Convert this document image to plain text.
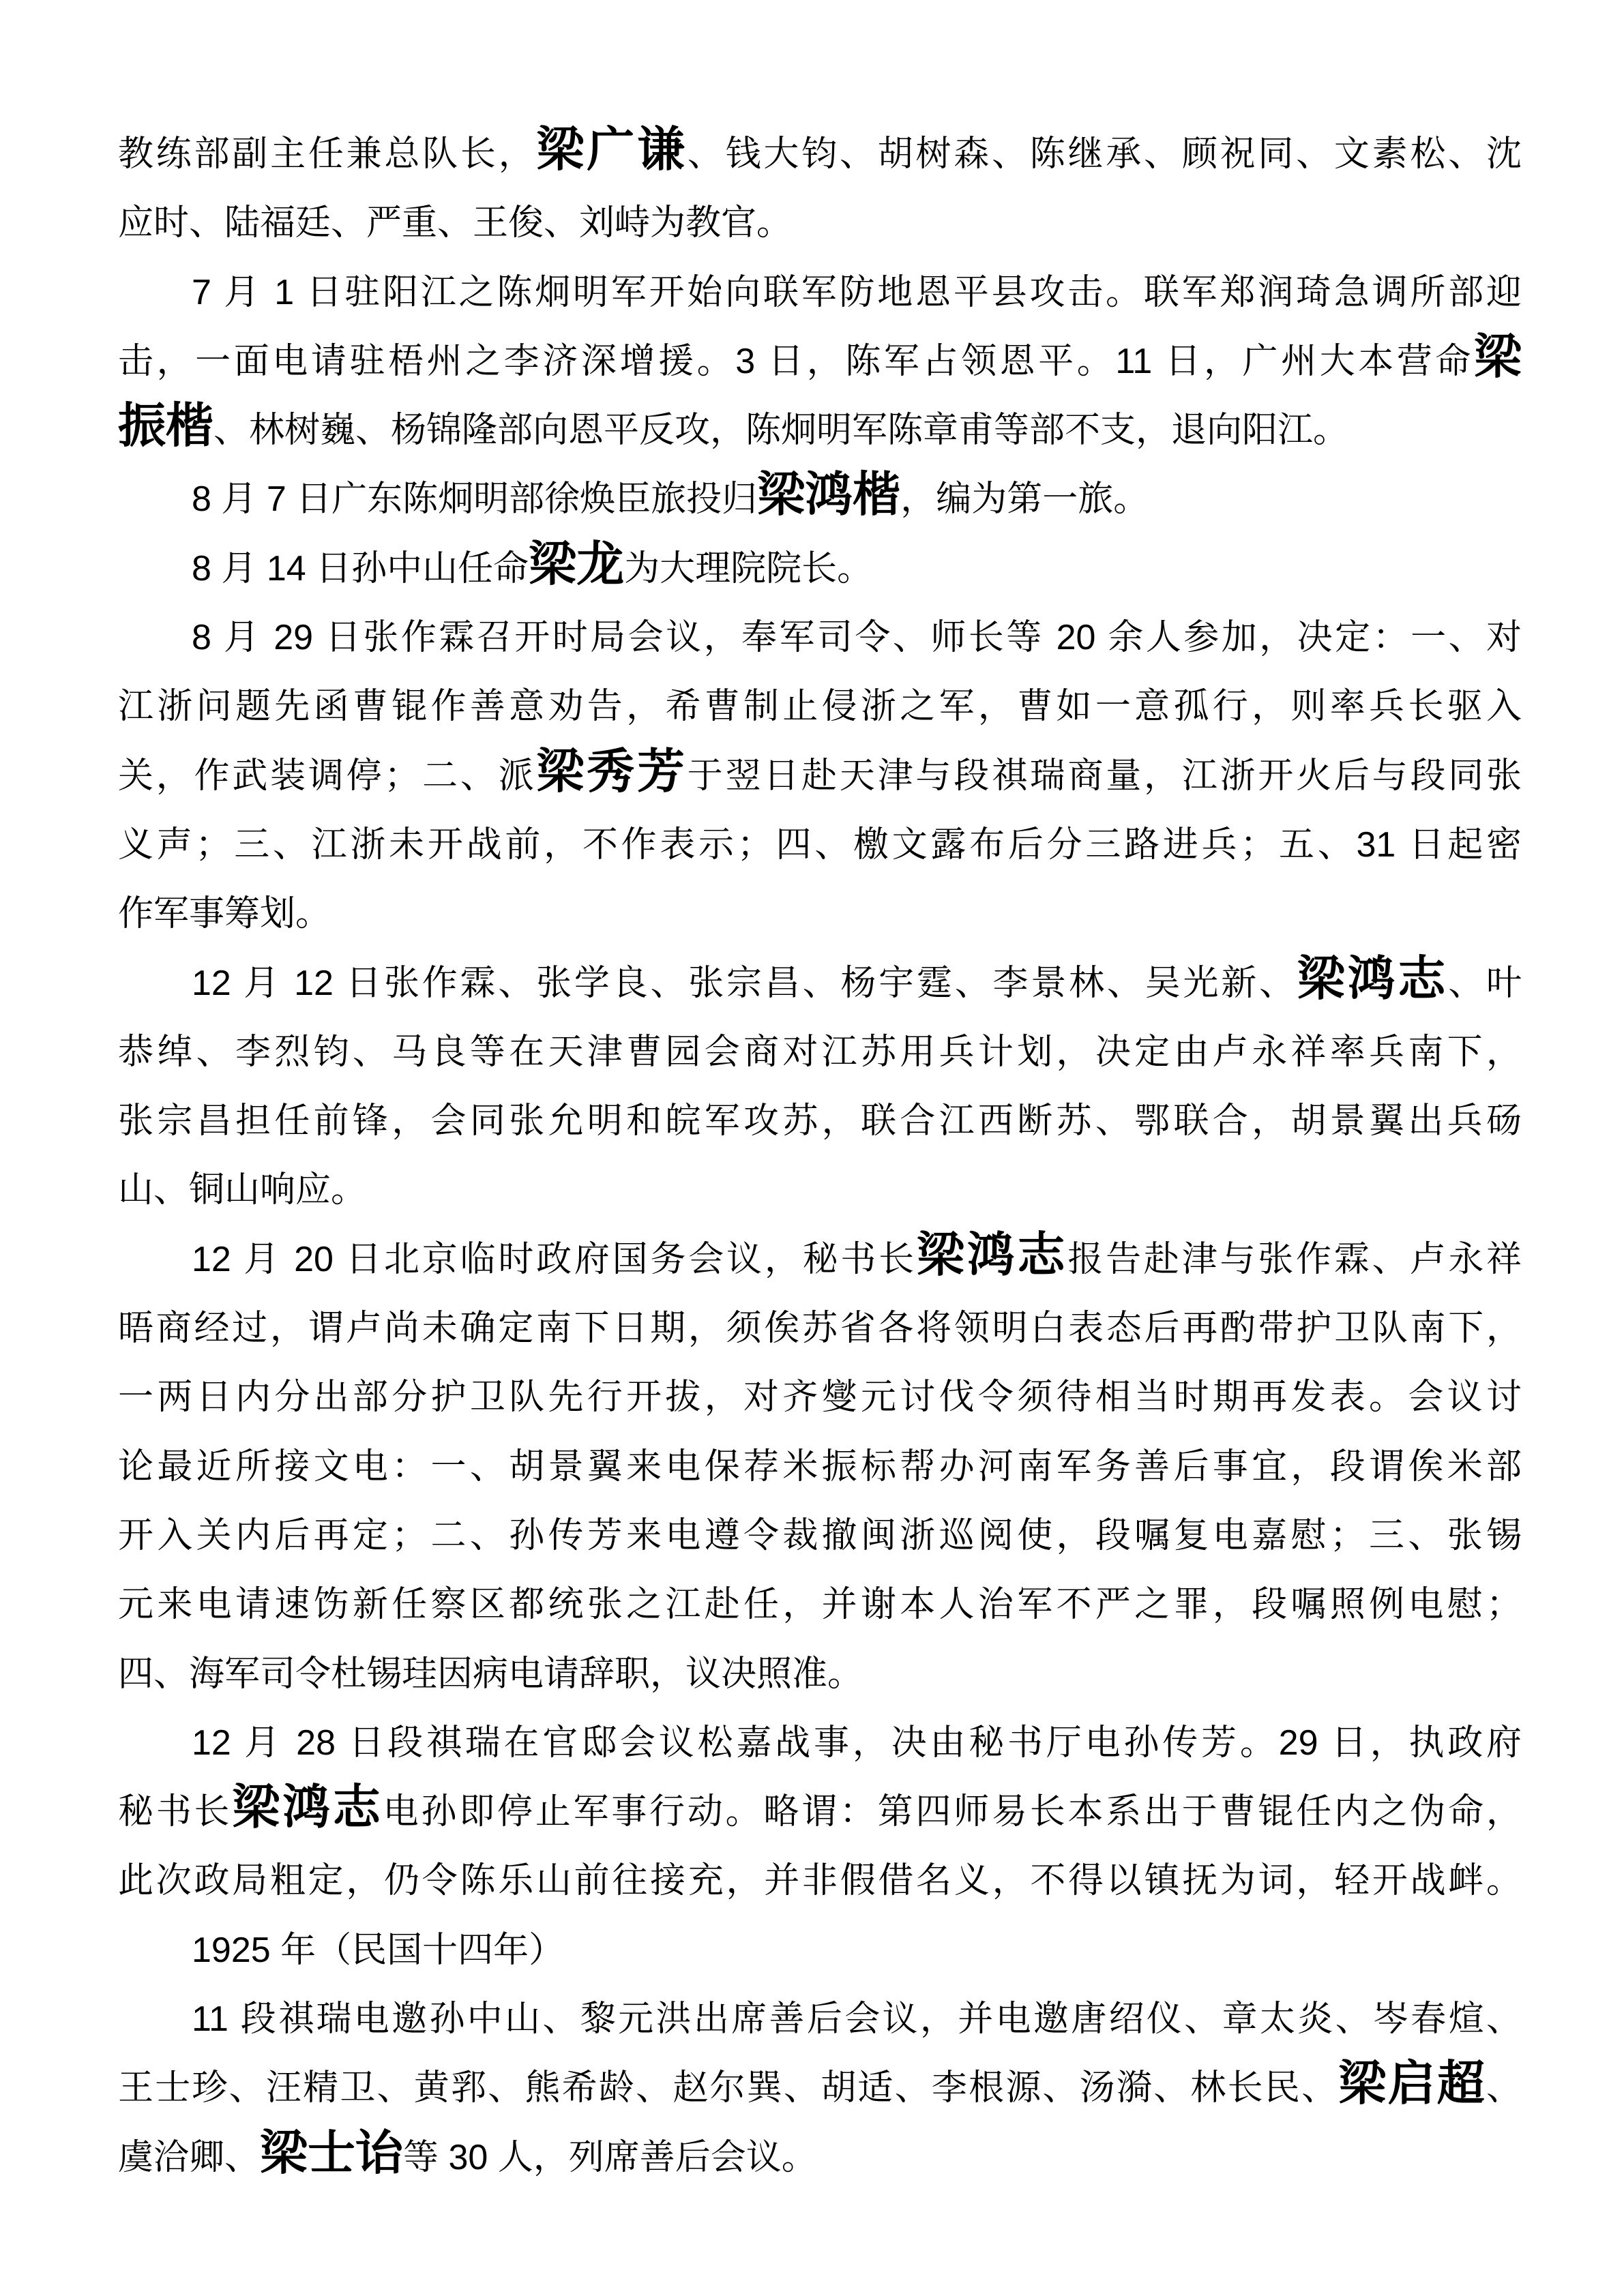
教练部副主任兼总队长，梁广谦、钱大钧、胡树森、陈继承、顾祝同、文素松、沈
应时、陆福廷、严重、王俊、刘峙为教官。
7 月 1 日驻阳江之陈炯明军开始向联军防地恩平县攻击。联军郑润琦急调所部迎
击，一面电请驻梧州之李济深增援。3 日，陈军占领恩平。11 日，广州大本营命梁
振楷、林树巍、杨锦隆部向恩平反攻，陈炯明军陈章甫等部不支，退向阳江。
8 月 7 日广东陈炯明部徐焕臣旅投归梁鸿楷，编为第一旅。
8 月 14 日孙中山任命梁龙为大理院院长。
8 月 29 日张作霖召开时局会议，奉军司令、师长等 20 余人参加，决定：一、对
江浙问题先函曹锟作善意劝告，希曹制止侵浙之军，曹如一意孤行，则率兵长驱入
关，作武装调停；二、派梁秀芳于翌日赴天津与段祺瑞商量，江浙开火后与段同张
义声；三、江浙未开战前，不作表示；四、檄文露布后分三路进兵；五、31 日起密
作军事筹划。
12 月 12 日张作霖、张学良、张宗昌、杨宇霆、李景林、吴光新、梁鸿志、叶
恭绰、李烈钧、马良等在天津曹园会商对江苏用兵计划，决定由卢永祥率兵南下，
张宗昌担任前锋，会同张允明和皖军攻苏，联合江西断苏、鄂联合，胡景翼出兵砀
山、铜山响应。
12 月 20 日北京临时政府国务会议，秘书长梁鸿志报告赴津与张作霖、卢永祥
晤商经过，谓卢尚未确定南下日期，须俟苏省各将领明白表态后再酌带护卫队南下，
一两日内分出部分护卫队先行开拔，对齐燮元讨伐令须待相当时期再发表。会议讨
论最近所接文电：一、胡景翼来电保荐米振标帮办河南军务善后事宜，段谓俟米部
开入关内后再定；二、孙传芳来电遵令裁撤闽浙巡阅使，段嘱复电嘉慰；三、张锡
元来电请速饬新任察区都统张之江赴任，并谢本人治军不严之罪，段嘱照例电慰；
四、海军司令杜锡珪因病电请辞职，议决照准。
12 月 28 日段祺瑞在官邸会议松嘉战事，决由秘书厅电孙传芳。29 日，执政府
秘书长梁鸿志电孙即停止军事行动。略谓：第四师易长本系出于曹锟任内之伪命，
此次政局粗定，仍令陈乐山前往接充，并非假借名义，不得以镇抚为词，轻开战衅。
1925 年（民国十四年）
11 段祺瑞电邀孙中山、黎元洪出席善后会议，并电邀唐绍仪、章太炎、岑春煊、
王士珍、汪精卫、黄郛、熊希龄、赵尔巽、胡适、李根源、汤漪、林长民、梁启超、
虞洽卿、梁士诒等 30 人，列席善后会议。
